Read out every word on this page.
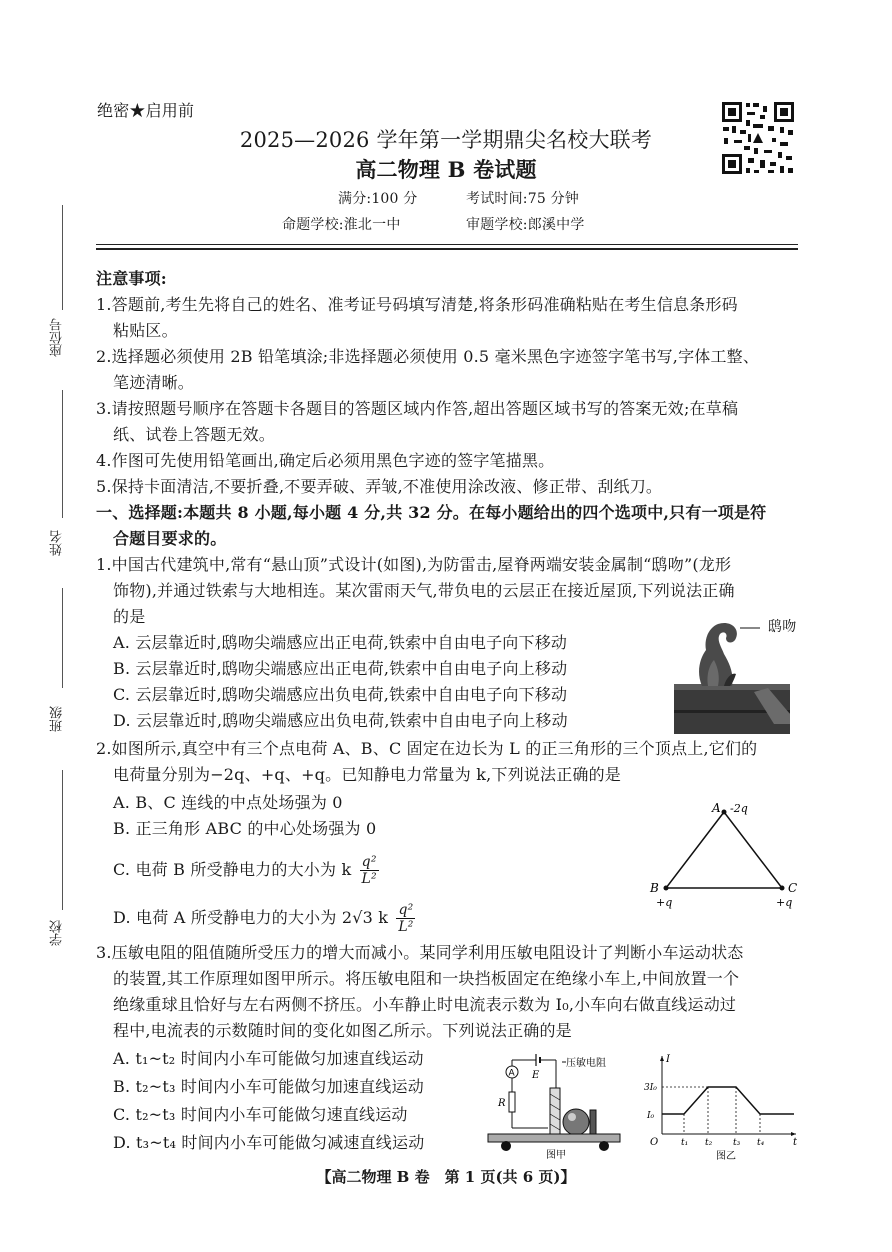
绝密★启用前
2025—2026 学年第一学期鼎尖名校大联考
高二物理 B 卷试题
满分:100 分	考试时间:75 分钟
命题学校:淮北一中	审题学校:郎溪中学
座位号
姓名
班级
学校
注意事项:
1.答题前,考生先将自己的姓名、准考证号码填写清楚,将条形码准确粘贴在考生信息条形码
粘贴区。
2.选择题必须使用 2B 铅笔填涂;非选择题必须使用 0.5 毫米黑色字迹签字笔书写,字体工整、
笔迹清晰。
3.请按照题号顺序在答题卡各题目的答题区域内作答,超出答题区域书写的答案无效;在草稿
纸、试卷上答题无效。
4.作图可先使用铅笔画出,确定后必须用黑色字迹的签字笔描黑。
5.保持卡面清洁,不要折叠,不要弄破、弄皱,不准使用涂改液、修正带、刮纸刀。
一、选择题:本题共 8 小题,每小题 4 分,共 32 分。在每小题给出的四个选项中,只有一项是符
合题目要求的。
1.中国古代建筑中,常有“悬山顶”式设计(如图),为防雷击,屋脊两端安装金属制“鸱吻”(龙形
饰物),并通过铁索与大地相连。某次雷雨天气,带负电的云层正在接近屋顶,下列说法正确
的是
A. 云层靠近时,鸱吻尖端感应出正电荷,铁索中自由电子向下移动
B. 云层靠近时,鸱吻尖端感应出正电荷,铁索中自由电子向上移动
C. 云层靠近时,鸱吻尖端感应出负电荷,铁索中自由电子向下移动
D. 云层靠近时,鸱吻尖端感应出负电荷,铁索中自由电子向上移动
鸱吻
2.如图所示,真空中有三个点电荷 A、B、C 固定在边长为 L 的正三角形的三个顶点上,它们的
电荷量分别为−2q、+q、+q。已知静电力常量为 k,下列说法正确的是
A. B、C 连线的中点处场强为 0
B. 正三角形 ABC 的中心处场强为 0
C. 电荷 B 所受静电力的大小为 k $\frac{\text{q²}}{\text{L²}}$
D. 电荷 A 所受静电力的大小为 2√3 k $\frac{\text{q²}}{\text{L²}}$
A -2q
B
+q
C
+q
3.压敏电阻的阻值随所受压力的增大而减小。某同学利用压敏电阻设计了判断小车运动状态
的装置,其工作原理如图甲所示。将压敏电阻和一块挡板固定在绝缘小车上,中间放置一个
绝缘重球且恰好与左右两侧不挤压。小车静止时电流表示数为 I₀,小车向右做直线运动过
程中,电流表的示数随时间的变化如图乙所示。下列说法正确的是
A. t₁~t₂ 时间内小车可能做匀加速直线运动
B. t₂~t₃ 时间内小车可能做匀加速直线运动
C. t₂~t₃ 时间内小车可能做匀速直线运动
D. t₃~t₄ 时间内小车可能做匀减速直线运动
E
A
R
压敏电阻
图甲
I
t
O
3I₀
I₀
t₁ t₂ t₃ t₄
图乙
【高二物理 B 卷　第 1 页(共 6 页)】
